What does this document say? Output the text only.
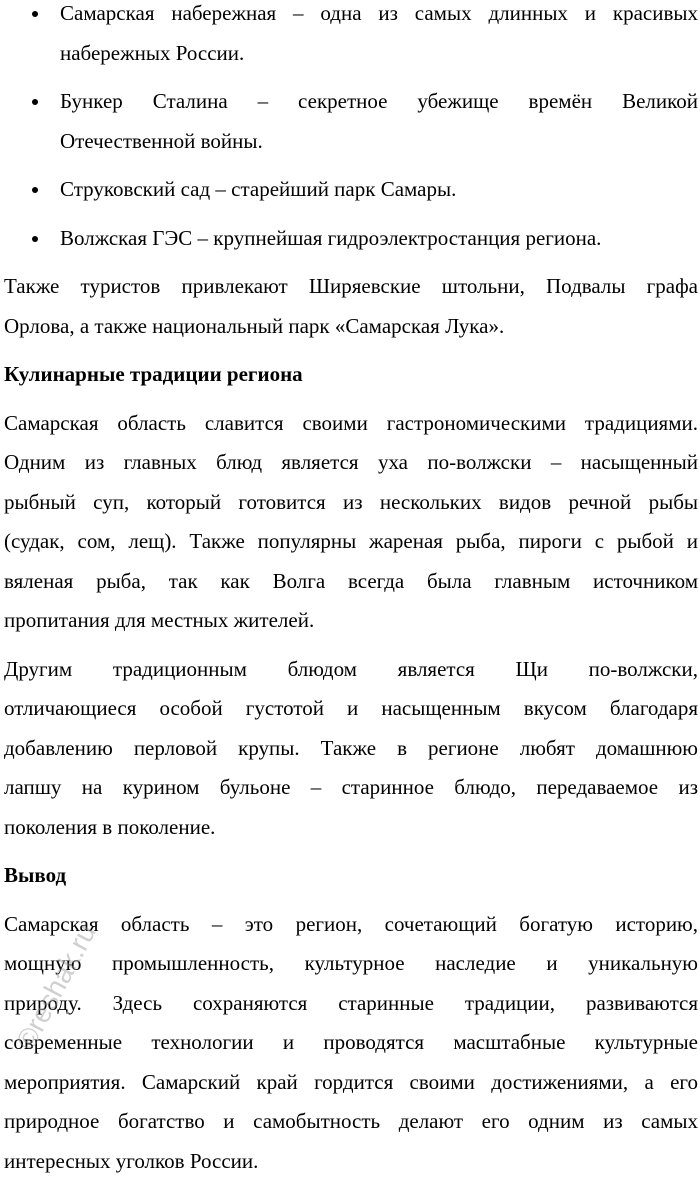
Самарская набережная – одна из самых длинных и красивых
набережных России.
Бункер Сталина – секретное убежище времён Великой
Отечественной войны.
Струковский сад – старейший парк Самары.
Волжская ГЭС – крупнейшая гидроэлектростанция региона.
Также туристов привлекают Ширяевские штольни, Подвалы графа
Орлова, а также национальный парк «Самарская Лука».
Кулинарные традиции региона
Самарская область славится своими гастрономическими традициями.
Одним из главных блюд является уха по-волжски – насыщенный
рыбный суп, который готовится из нескольких видов речной рыбы
(судак, сом, лещ). Также популярны жареная рыба, пироги с рыбой и
вяленая рыба, так как Волга всегда была главным источником
пропитания для местных жителей.
Другим традиционным блюдом является Щи по-волжски,
отличающиеся особой густотой и насыщенным вкусом благодаря
добавлению перловой крупы. Также в регионе любят домашнюю
лапшу на курином бульоне – старинное блюдо, передаваемое из
поколения в поколение.
Вывод
Самарская область – это регион, сочетающий богатую историю,
мощную промышленность, культурное наследие и уникальную
природу. Здесь сохраняются старинные традиции, развиваются
современные технологии и проводятся масштабные культурные
мероприятия. Самарский край гордится своими достижениями, а его
природное богатство и самобытность делают его одним из самых
интересных уголков России.
©reshak.ru
